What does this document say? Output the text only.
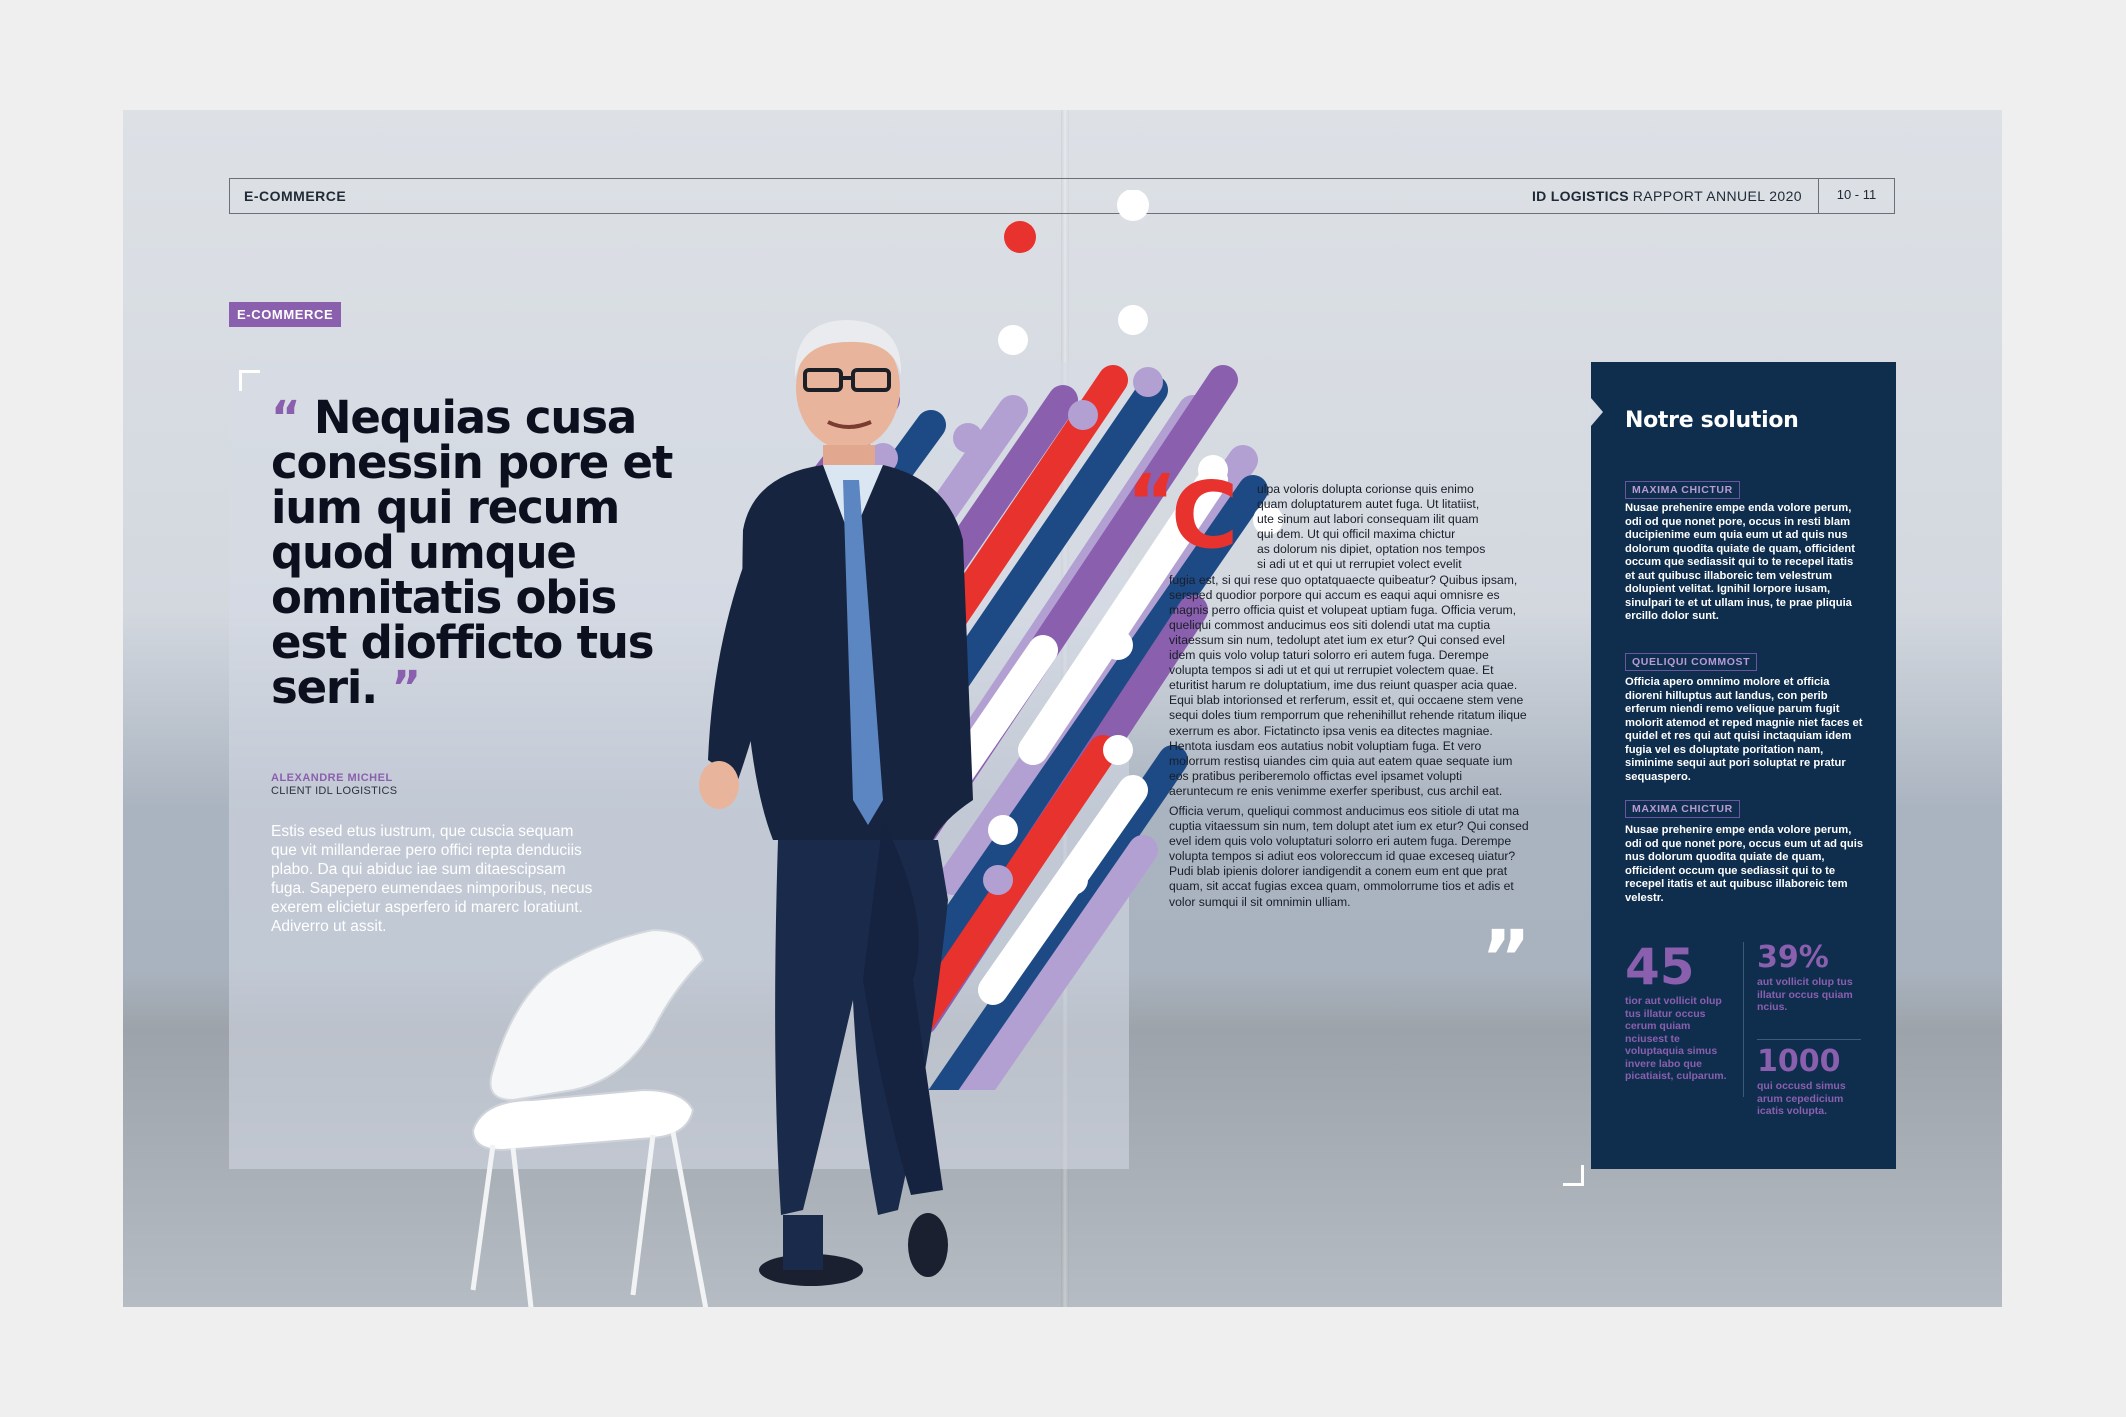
E-COMMERCE	ID LOGISTICS RAPPORT ANNUEL 2020	10 - 11
E-COMMERCE
“ Nequias cusa conessin pore et ium qui recum quod umque omnitatis obis est diofficto tus seri. ”
ALEXANDRE MICHEL
CLIENT IDL LOGISTICS
Estis esed etus iustrum, que cuscia sequam que vit millanderae pero offici repta denduciis plabo. Da qui abiduc iae sum ditaescipsam fuga. Sapepero eumendaes nimporibus, necus exerem elicietur asperfero id marerc loratiunt. Adiverro ut assit.
“
C	ulpa voloris dolupta corionse quis enimo
quam doluptaturem autet fuga. Ut litatiist,
ute sinum aut labori consequam ilit quam
qui dem. Ut qui officil maxima chictur
as dolorum nis dipiet, optation nos tempos
si adi ut et qui ut rerrupiet volect evelit
fugia est, si qui rese quo optatquaecte quibeatur? Quibus ipsam, sersped quodior porpore qui accum es eaqui aqui omnisre es magnis perro officia quist et volupeat uptiam fuga. Officia verum, queliqui commost anducimus eos siti dolendi utat ma cuptia vitaessum sin num, tedolupt atet ium ex etur? Qui consed evel idem quis volo volup taturi solorro eri autem fuga. Derempe volupta tempos si adi ut et qui ut rerrupiet volectem quae. Et eturitist harum re doluptatium, ime dus reiunt quasper acia quae. Equi blab intorionsed et rerferum, essit et, qui occaene stem vene sequi doles tium remporrum que rehenihillut rehende ritatum ilique exerrum es abor. Fictatincto ipsa venis ea ditectes magniae. Hentota iusdam eos autatius nobit voluptiam fuga. Et vero molorrum restisq uiandes cim quia aut eatem quae sequate ium eos pratibus periberemolo offictas evel ipsamet volupti aeruntecum re enis venimme exerfer speribust, cus archil eat.

Officia verum, queliqui commost anducimus eos sitiole di utat ma cuptia vitaessum sin num, tem dolupt atet ium ex etur? Qui consed evel idem quis volo voluptaturi solorro eri autem fuga. Derempe volupta tempos si adiut eos voloreccum id quae exceseq uiatur? Pudi blab ipienis dolorer iandigendit a conem eum ent que prat quam, sit accat fugias excea quam, ommolorrume tios et adis et volor sumqui il sit omnimin ulliam.

”
Notre solution
MAXIMA CHICTUR
Nusae prehenire empe enda volore perum, odi od que nonet pore, occus in resti blam ducipienime eum quia eum ut ad quis nus dolorum quodita quiate de quam, officident occum que sediassit qui to te recepel itatis et aut quibusc illaboreic tem velestrum dolupient velitat. Ignihil lorpore iusam, sinulpari te et ut ullam inus, te prae pliquia ercillo dolor sunt.
QUELIQUI COMMOST
Officia apero omnimo molore et officia dioreni hilluptus aut landus, con perib erferum niendi remo velique parum fugit molorit atemod et reped magnie niet faces et quidel et res qui aut quisi inctaquiam idem fugia vel es doluptate poritation nam, siminime sequi aut pori soluptat re pratur sequaspero.
MAXIMA CHICTUR
Nusae prehenire empe enda volore perum, odi od que nonet pore, occus eum ut ad quis nus dolorum quodita quiate de quam, officident occum que sediassit qui to te recepel itatis et aut quibusc illaboreic tem velestr.
45
tior aut vollicit olup tus illatur occus cerum quiam nciusest te voluptaquia simus invere labo que picatiaist, culparum.
39%
aut vollicit olup tus illatur occus quiam ncius.
1000
qui occusd simus arum cepedicium icatis volupta.
